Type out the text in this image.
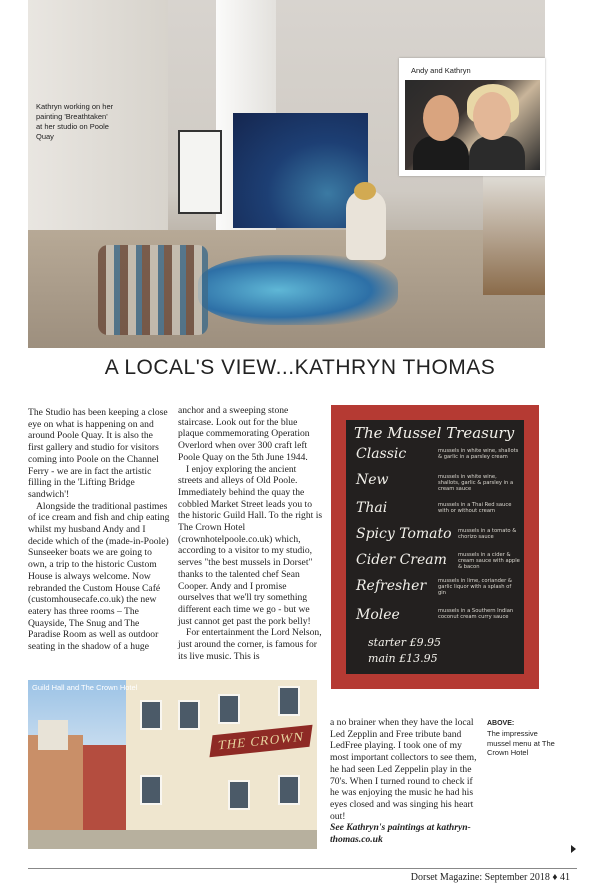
Kathryn working on her painting 'Breathtaken' at her studio on Poole Quay
Andy and Kathryn
A LOCAL'S VIEW...KATHRYN THOMAS

The Studio has been keeping a close eye on what is happening on and around Poole Quay. It is also the first gallery and studio for visitors coming into Poole on the Channel Ferry - we are in fact the artistic filling in the 'Lifting Bridge sandwich'!

Alongside the traditional pastimes of ice cream and fish and chip eating whilst my husband Andy and I decide which of the (made-in-Poole) Sunseeker boats we are going to own, a trip to the historic Custom House is always welcome. Now rebranded the Custom House Café (customhousecafe.co.uk) the new eatery has three rooms – The Quayside, The Snug and The Paradise Room as well as outdoor seating in the shadow of a huge

anchor and a sweeping stone staircase. Look out for the blue plaque commemorating Operation Overlord when over 300 craft left Poole Quay on the 5th June 1944.

I enjoy exploring the ancient streets and alleys of Old Poole. Immediately behind the quay the cobbled Market Street leads you to the historic Guild Hall. To the right is The Crown Hotel (crownhotelpoole.co.uk) which, according to a visitor to my studio, serves "the best mussels in Dorset" thanks to the talented chef Sean Cooper. Andy and I promise ourselves that we'll try something different each time we go - but we just cannot get past the pork belly!

For entertainment the Lord Nelson, just around the corner, is famous for its live music. This is

The Mussel Treasury
Classic	mussels in white wine, shallots & garlic in a parsley cream
New	mussels in white wine, shallots, garlic & parsley in a cream sauce
Thai	mussels in a Thai Red sauce with or without cream
Spicy Tomato mussels in a tomato & chorizo sauce
Cider Cream mussels in a cider & cream sauce with apple & bacon
Refresher mussels in lime, coriander & garlic liquor with a splash of gin
Molee	mussels in a Southern Indian coconut cream curry sauce
starter £9.95
main £13.95
THE CROWN
Guild Hall and The Crown Hotel

a no brainer when they have the local Led Zepplin and Free tribute band LedFree playing. I took one of my most important collectors to see them, he had seen Led Zeppelin play in the 70's. When I turned round to check if he was enjoying the music he had his eyes closed and was singing his heart out!

See Kathryn's paintings at kathryn-thomas.co.uk

ABOVE:
The impressive mussel menu at The Crown Hotel
Dorset Magazine: September 2018 ♦ 41
